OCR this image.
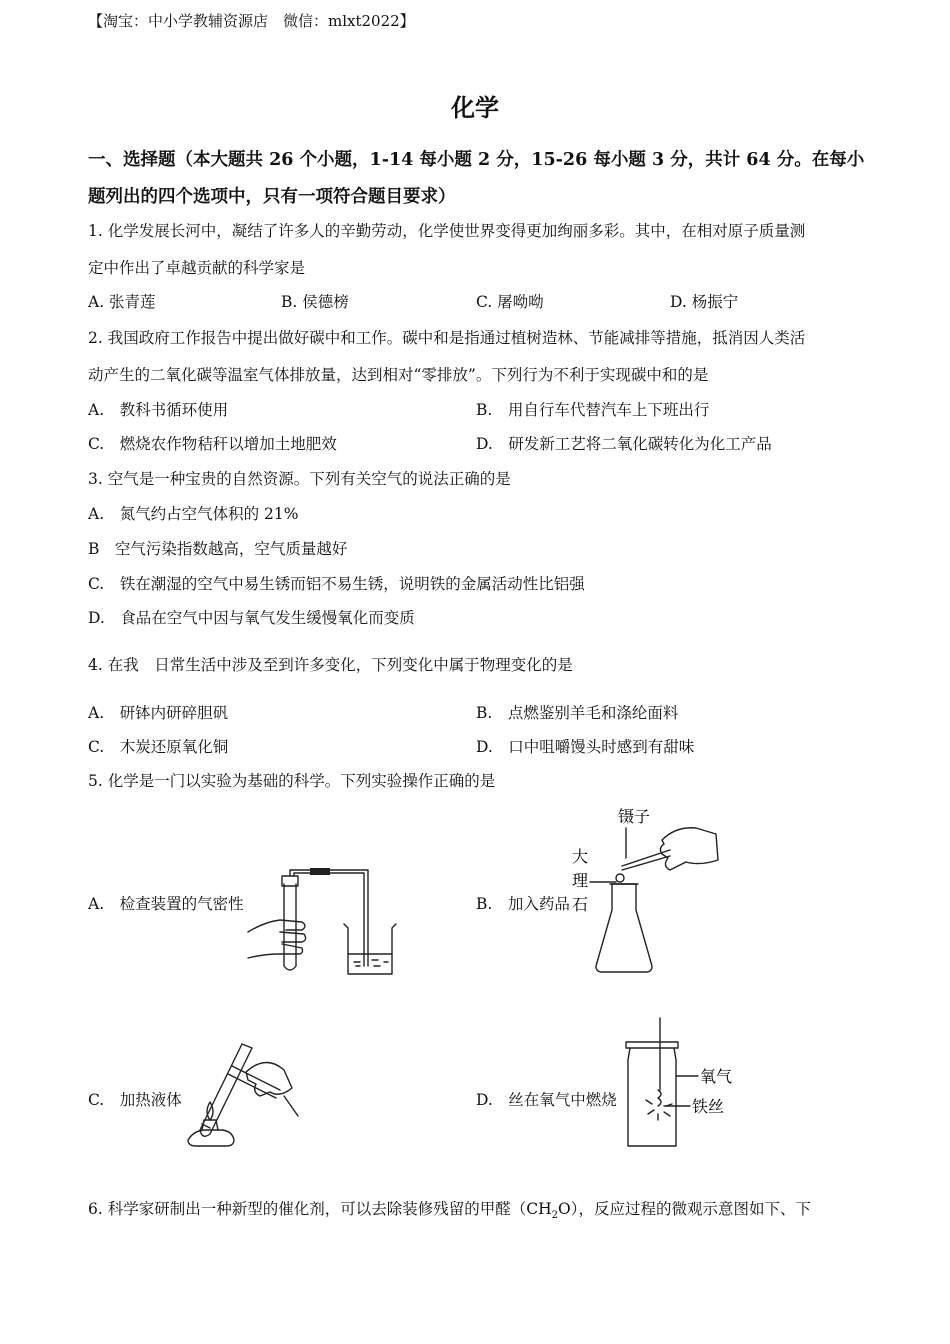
【淘宝：中小学教辅资源店　微信：mlxt2022】
化学
一、选择题（本大题共 26 个小题，1-14 每小题 2 分，15-26 每小题 3 分，共计 64 分。在每小
题列出的四个选项中，只有一项符合题目要求）
1. 化学发展长河中，凝结了许多人的辛勤劳动，化学使世界变得更加绚丽多彩。其中，在相对原子质量测
定中作出了卓越贡献的科学家是
A. 张青莲	B. 侯德榜	C. 屠呦呦	D. 杨振宁
2. 我国政府工作报告中提出做好碳中和工作。碳中和是指通过植树造林、节能减排等措施，抵消因人类活
动产生的二氧化碳等温室气体排放量，达到相对“零排放”。下列行为不利于实现碳中和的是
A.　教科书循环使用	B.　用自行车代替汽车上下班出行
C.　燃烧农作物秸秆以增加土地肥效	D.　研发新工艺将二氧化碳转化为化工产品
3. 空气是一种宝贵的自然资源。下列有关空气的说法正确的是
A.　氮气约占空气体积的 21%
B　空气污染指数越高，空气质量越好
C.　铁在潮湿的空气中易生锈而铝不易生锈，说明铁的金属活动性比铝强
D.　食品在空气中因与氧气发生缓慢氧化而变质
4. 在我　日常生活中涉及至到许多变化，下列变化中属于物理变化的是
A.　研钵内研碎胆矾	B.　点燃鉴别羊毛和涤纶面料
C.　木炭还原氧化铜	D.　口中咀嚼馒头时感到有甜味
5. 化学是一门以实验为基础的科学。下列实验操作正确的是
A.　检查装置的气密性	B.　加入药品
C.　加热液体	D.　丝在氧气中燃烧
镊子
大
理
石
氧气
铁丝
6. 科学家研制出一种新型的催化剂，可以去除装修残留的甲醛$(CH_2O)$，反应过程的微观示意图如下、下
